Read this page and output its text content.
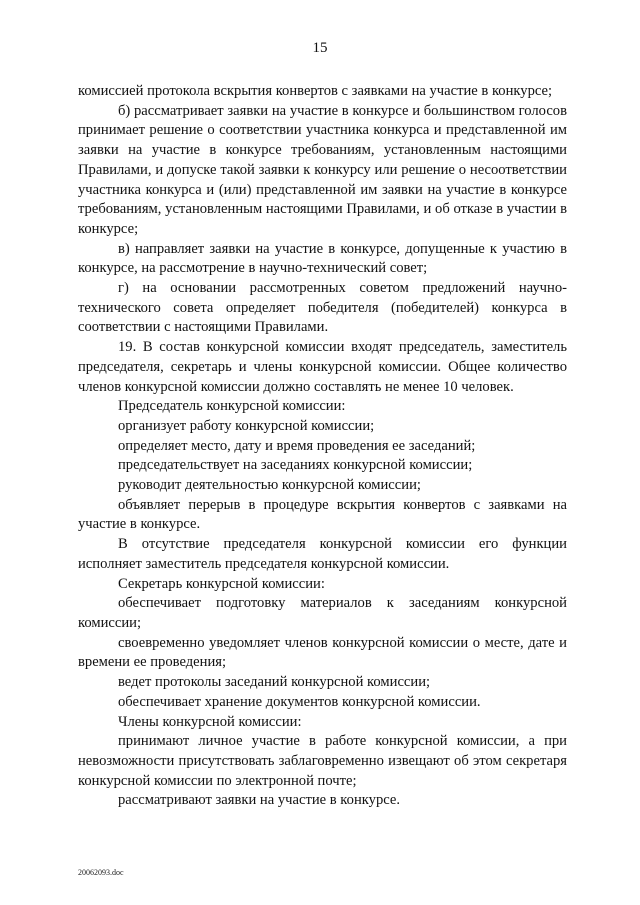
15

комиссией протокола вскрытия конвертов с заявками на участие в конкурсе;

б) рассматривает заявки на участие в конкурсе и большинством голосов принимает решение о соответствии участника конкурса и представленной им заявки на участие в конкурсе требованиям, установленным настоящими Правилами, и допуске такой заявки к конкурсу или решение о несоответствии участника конкурса и (или) представленной им заявки на участие в конкурсе требованиям, установленным настоящими Правилами, и об отказе в участии в конкурсе;

в) направляет заявки на участие в конкурсе, допущенные к участию в конкурсе, на рассмотрение в научно-технический совет;

г) на основании рассмотренных советом предложений научно-технического совета определяет победителя (победителей) конкурса в соответствии с настоящими Правилами.

19. В состав конкурсной комиссии входят председатель, заместитель председателя, секретарь и члены конкурсной комиссии. Общее количество членов конкурсной комиссии должно составлять не менее 10 человек.

Председатель конкурсной комиссии:

организует работу конкурсной комиссии;

определяет место, дату и время проведения ее заседаний;

председательствует на заседаниях конкурсной комиссии;

руководит деятельностью конкурсной комиссии;

объявляет перерыв в процедуре вскрытия конвертов с заявками на участие в конкурсе.

В отсутствие председателя конкурсной комиссии его функции исполняет заместитель председателя конкурсной комиссии.

Секретарь конкурсной комиссии:

обеспечивает подготовку материалов к заседаниям конкурсной комиссии;

своевременно уведомляет членов конкурсной комиссии о месте, дате и времени ее проведения;

ведет протоколы заседаний конкурсной комиссии;

обеспечивает хранение документов конкурсной комиссии.

Члены конкурсной комиссии:

принимают личное участие в работе конкурсной комиссии, а при невозможности присутствовать заблаговременно извещают об этом секретаря конкурсной комиссии по электронной почте;

рассматривают заявки на участие в конкурсе.

20062093.doc
